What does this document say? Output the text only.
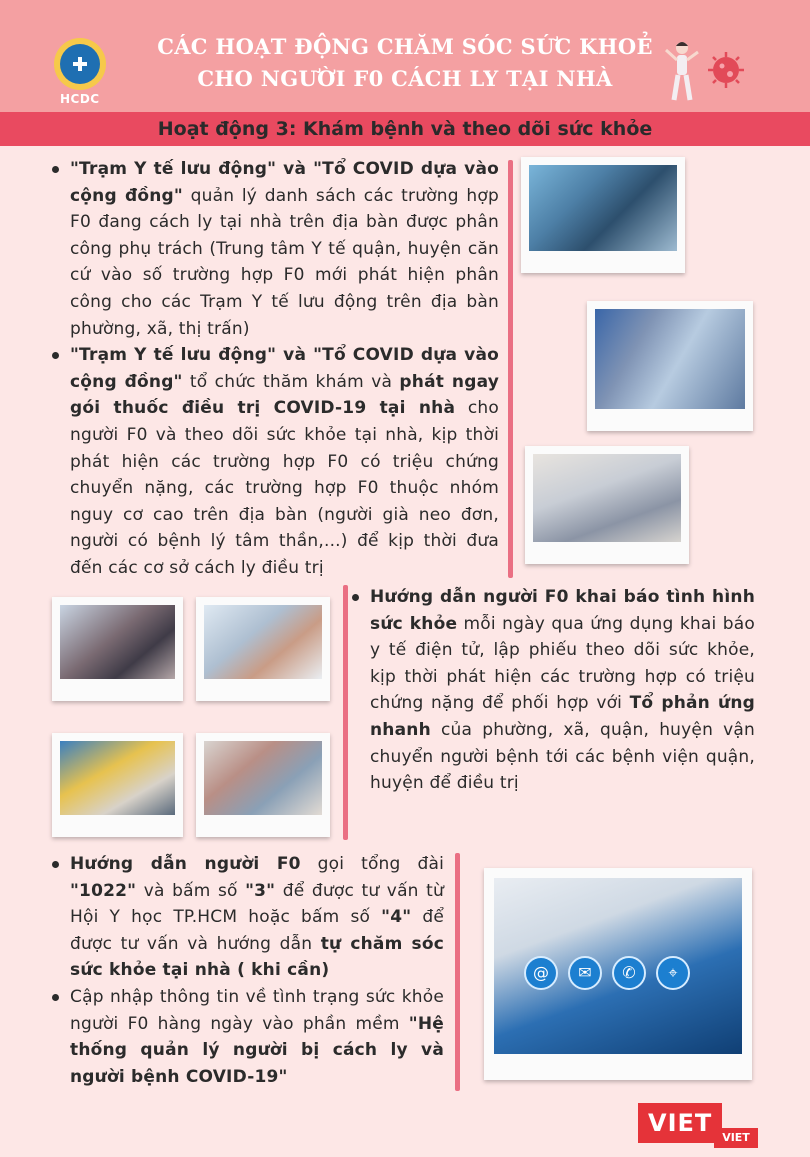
HCDC
CÁC HOẠT ĐỘNG CHĂM SÓC SỨC KHOẺ
CHO NGƯỜI F0 CÁCH LY TẠI NHÀ
Hoạt động 3: Khám bệnh và theo dõi sức khỏe
"Trạm Y tế lưu động" và "Tổ COVID dựa vào cộng đồng" quản lý danh sách các trường hợp F0 đang cách ly tại nhà trên địa bàn được phân công phụ trách (Trung tâm Y tế quận, huyện căn cứ vào số trường hợp F0 mới phát hiện phân công cho các Trạm Y tế lưu động trên địa bàn phường, xã, thị trấn)
"Trạm Y tế lưu động" và "Tổ COVID dựa vào cộng đồng" tổ chức thăm khám và phát ngay gói thuốc điều trị COVID-19 tại nhà cho người F0 và theo dõi sức khỏe tại nhà, kịp thời phát hiện các trường hợp F0 có triệu chứng chuyển nặng, các trường hợp F0 thuộc nhóm nguy cơ cao trên địa bàn (người già neo đơn, người có bệnh lý tâm thần,...) để kịp thời đưa đến các cơ sở cách ly điều trị
Hướng dẫn người F0 khai báo tình hình sức khỏe mỗi ngày qua ứng dụng khai báo y tế điện tử, lập phiếu theo dõi sức khỏe, kịp thời phát hiện các trường hợp có triệu chứng nặng để phối hợp với Tổ phản ứng nhanh của phường, xã, quận, huyện vận chuyển người bệnh tới các bệnh viện quận, huyện để điều trị
Hướng dẫn người F0 gọi tổng đài "1022" và bấm số "3" để được tư vấn từ Hội Y học TP.HCM hoặc bấm số "4" để được tư vấn và hướng dẫn tự chăm sóc sức khỏe tại nhà ( khi cần)
Cập nhập thông tin về tình trạng sức khỏe người F0 hàng ngày vào phần mềm "Hệ thống quản lý người bị cách ly và người bệnh COVID-19"
@	✉	✆	⌖
VIET
VIET
